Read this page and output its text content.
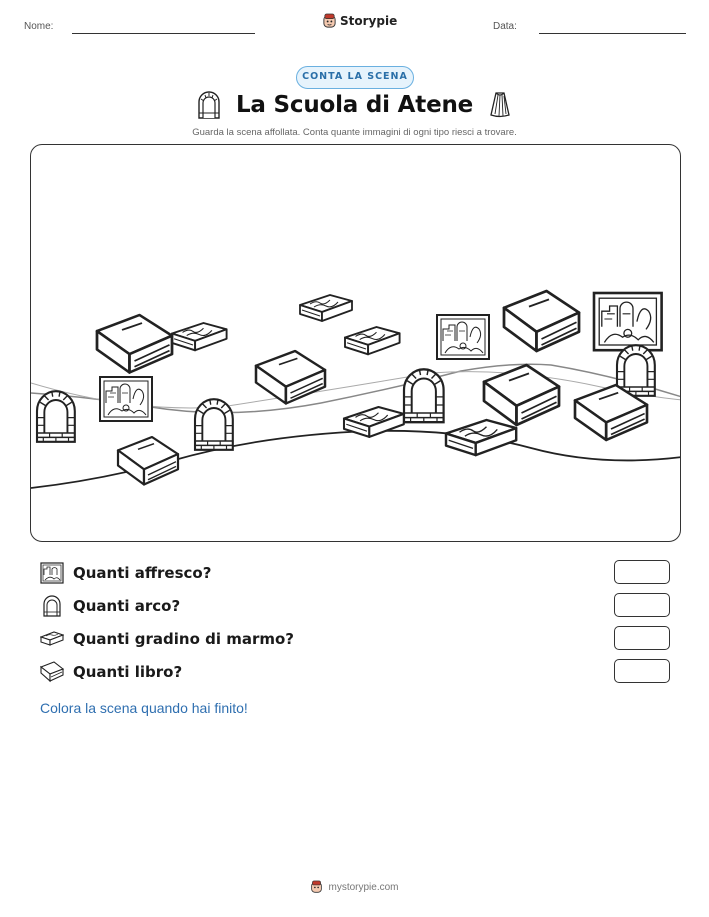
Nome:	Storypie	Data:
CONTA LA SCENA
La Scuola di Atene
Guarda la scena affollata. Conta quante immagini di ogni tipo riesci a trovare.
Quanti affresco?
Quanti arco?
Quanti gradino di marmo?
Quanti libro?
Colora la scena quando hai finito!
mystorypie.com
